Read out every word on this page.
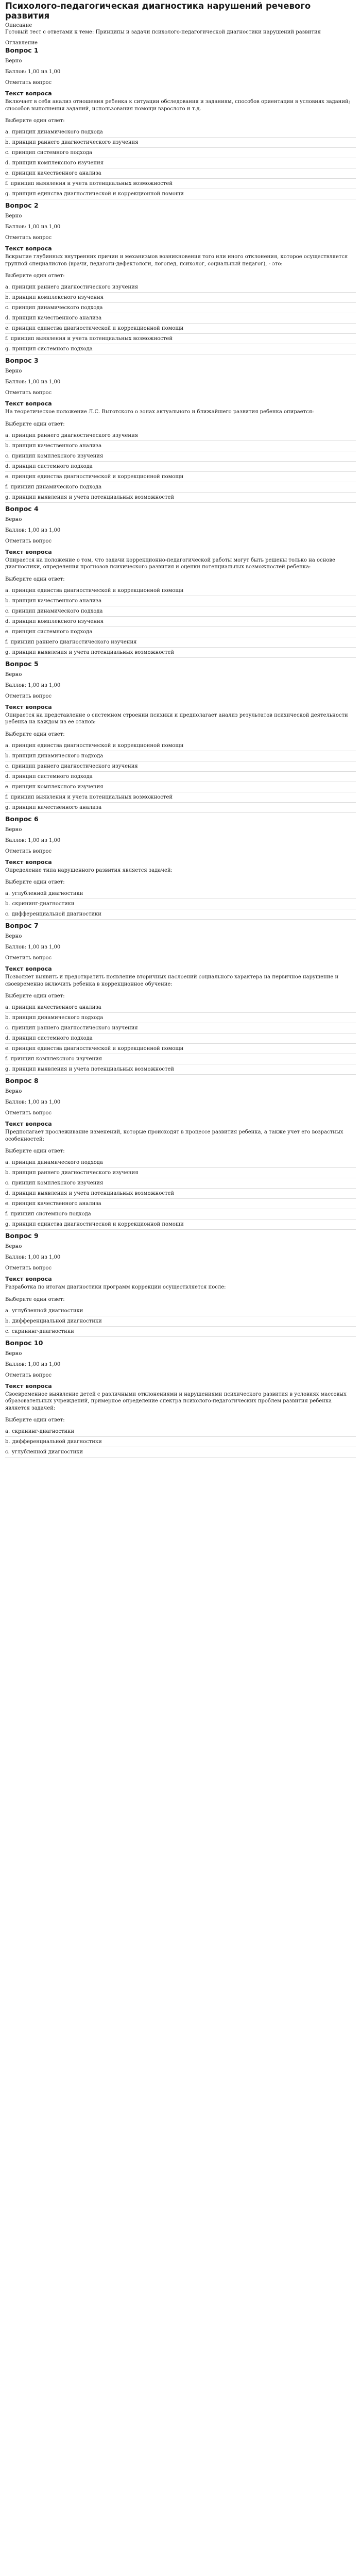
Психолого-педагогическая диагностика нарушений речевого развития

Описание

Готовый тест с ответами к теме: Принципы и задачи психолого-педагогической диагностики нарушений развития

Оглавление

Вопрос 1
Верно
Баллов: 1,00 из 1,00
Отметить вопрос
Текст вопроса
Включает в себя анализ отношения ребенка к ситуации обследования и заданиям, способов ориентации в условиях заданий; способов выполнения заданий, использования помощи взрослого и т.д.
Выберите один ответ:
a. принцип динамического подхода
b. принцип раннего диагностического изучения
c. принцип системного подхода
d. принцип комплексного изучения
e. принцип качественного анализа
f. принцип выявления и учета потенциальных возможностей
g. принцип единства диагностической и коррекционной помощи
Вопрос 2
Верно
Баллов: 1,00 из 1,00
Отметить вопрос
Текст вопроса
Вскрытие глубинных внутренних причин и механизмов возникновения того или иного отклонения, которое осуществляется группой специалистов (врачи, педагоги-дефектологи, логопед, психолог, социальный педагог), - это:
Выберите один ответ:
a. принцип раннего диагностического изучения
b. принцип комплексного изучения
c. принцип динамического подхода
d. принцип качественного анализа
e. принцип единства диагностической и коррекционной помощи
f. принцип выявления и учета потенциальных возможностей
g. принцип системного подхода
Вопрос 3
Верно
Баллов: 1,00 из 1,00
Отметить вопрос
Текст вопроса
На теоретическое положение Л.С. Выготского о зонах актуального и ближайшего развития ребенка опирается:
Выберите один ответ:
a. принцип раннего диагностического изучения
b. принцип качественного анализа
c. принцип комплексного изучения
d. принцип системного подхода
e. принцип единства диагностической и коррекционной помощи
f. принцип динамического подхода
g. принцип выявления и учета потенциальных возможностей
Вопрос 4
Верно
Баллов: 1,00 из 1,00
Отметить вопрос
Текст вопроса
Опирается на положение о том, что задачи коррекционно-педагогической работы могут быть решены только на основе диагностики, определения прогнозов психического развития и оценки потенциальных возможностей ребенка:
Выберите один ответ:
a. принцип единства диагностической и коррекционной помощи
b. принцип качественного анализа
c. принцип динамического подхода
d. принцип комплексного изучения
e. принцип системного подхода
f. принцип раннего диагностического изучения
g. принцип выявления и учета потенциальных возможностей
Вопрос 5
Верно
Баллов: 1,00 из 1,00
Отметить вопрос
Текст вопроса
Опирается на представление о системном строении психики и предполагает анализ результатов психической деятельности ребенка на каждом из ее этапов:
Выберите один ответ:
a. принцип единства диагностической и коррекционной помощи
b. принцип динамического подхода
c. принцип раннего диагностического изучения
d. принцип системного подхода
e. принцип комплексного изучения
f. принцип выявления и учета потенциальных возможностей
g. принцип качественного анализа
Вопрос 6
Верно
Баллов: 1,00 из 1,00
Отметить вопрос
Текст вопроса
Определение типа нарушенного развития является задачей:
Выберите один ответ:
a. углубленной диагностики
b. скрининг-диагностики
c. дифференциальной диагностики
Вопрос 7
Верно
Баллов: 1,00 из 1,00
Отметить вопрос
Текст вопроса
Позволяет выявить и предотвратить появление вторичных наслоений социального характера на первичное нарушение и своевременно включить ребенка в коррекционное обучение:
Выберите один ответ:
a. принцип качественного анализа
b. принцип динамического подхода
c. принцип раннего диагностического изучения
d. принцип системного подхода
e. принцип единства диагностической и коррекционной помощи
f. принцип комплексного изучения
g. принцип выявления и учета потенциальных возможностей
Вопрос 8
Верно
Баллов: 1,00 из 1,00
Отметить вопрос
Текст вопроса
Предполагает прослеживание изменений, которые происходят в процессе развития ребенка, а также учет его возрастных особенностей:
Выберите один ответ:
a. принцип динамического подхода
b. принцип раннего диагностического изучения
c. принцип комплексного изучения
d. принцип выявления и учета потенциальных возможностей
e. принцип качественного анализа
f. принцип системного подхода
g. принцип единства диагностической и коррекционной помощи
Вопрос 9
Верно
Баллов: 1,00 из 1,00
Отметить вопрос
Текст вопроса
Разработка по итогам диагностики программ коррекции осуществляется после:
Выберите один ответ:
a. углубленной диагностики
b. дифференциальной диагностики
c. скрининг-диагностики
Вопрос 10
Верно
Баллов: 1,00 из 1,00
Отметить вопрос
Текст вопроса
Своевременное выявление детей с различными отклонениями и нарушениями психического развития в условиях массовых образовательных учреждений, примерное определение спектра психолого-педагогических проблем развития ребенка является задачей:
Выберите один ответ:
a. скрининг-диагностики
b. дифференциальной диагностики
c. углубленной диагностики
